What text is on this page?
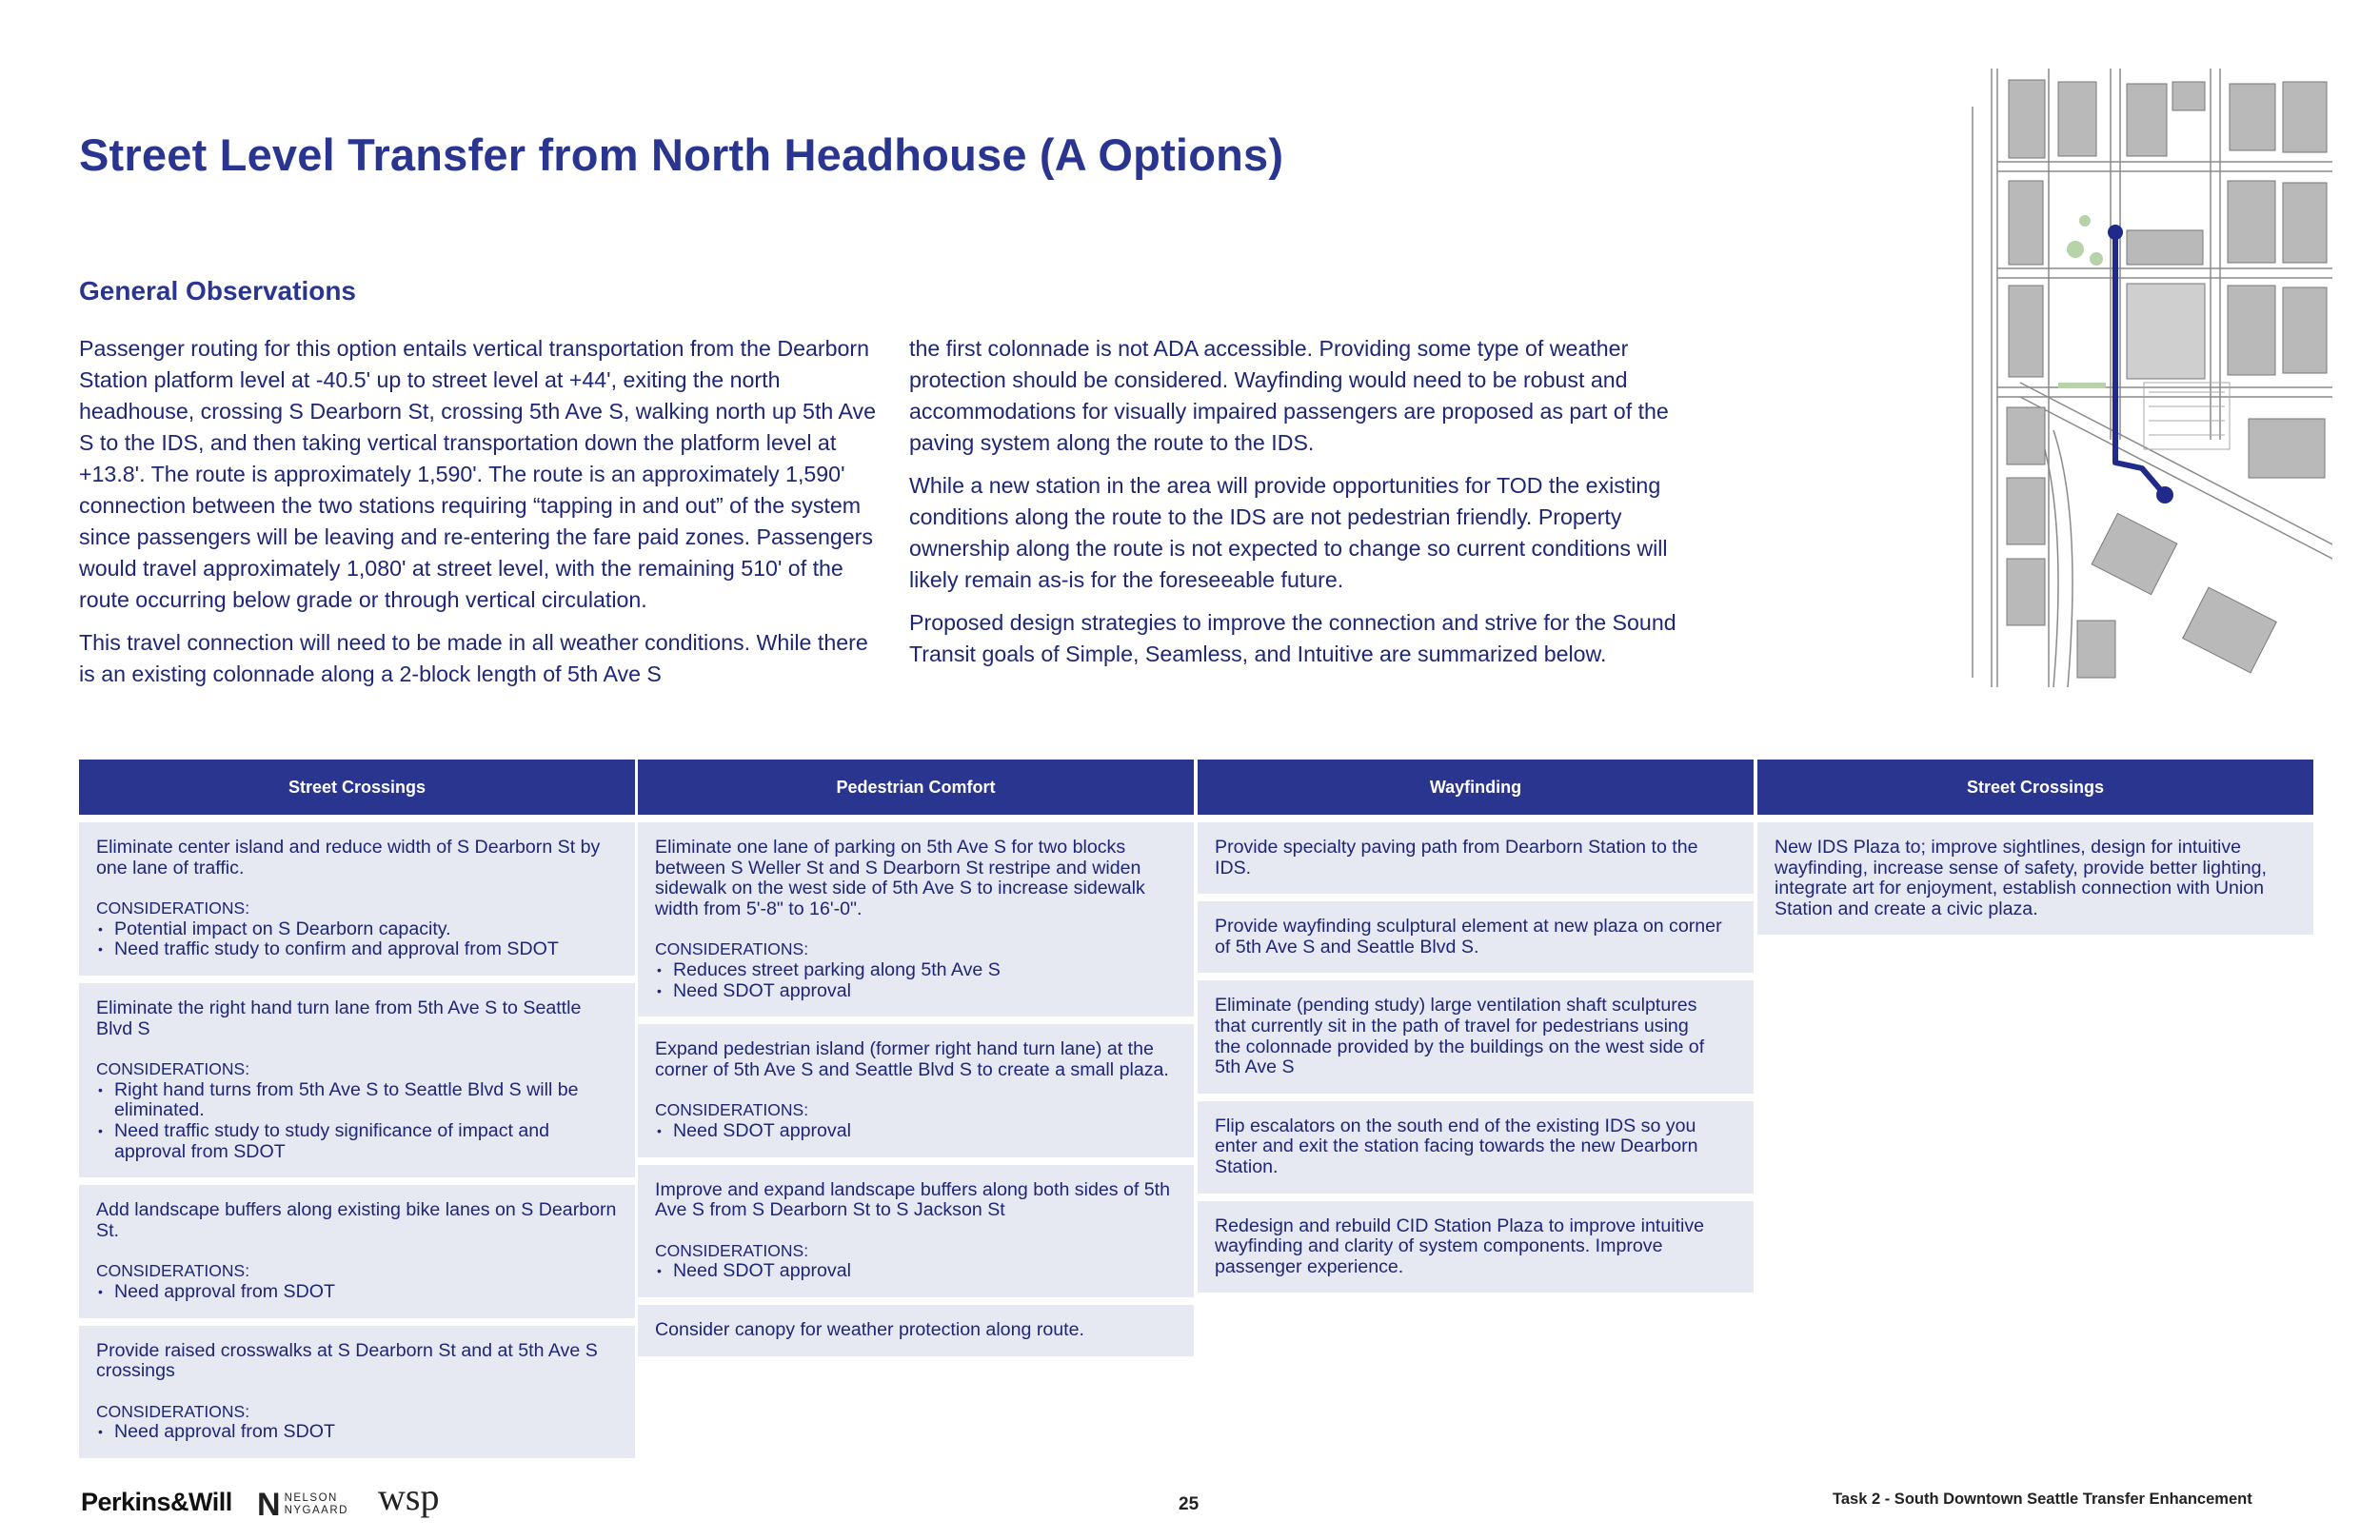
Street Level Transfer from North Headhouse (A Options)
General Observations

Passenger routing for this option entails vertical transportation from the Dearborn Station platform level at -40.5' up to street level at +44', exiting the north headhouse, crossing S Dearborn St, crossing 5th Ave S, walking north up 5th Ave S to the IDS, and then taking vertical transportation down the platform level at +13.8'. The route is approximately 1,590'. The route is an approximately 1,590' connection between the two stations requiring “tapping in and out” of the system since passengers will be leaving and re-entering the fare paid zones. Passengers would travel approximately 1,080' at street level, with the remaining 510' of the route occurring below grade or through vertical circulation.

This travel connection will need to be made in all weather conditions. While there is an existing colonnade along a 2-block length of 5th Ave S

the first colonnade is not ADA accessible. Providing some type of weather protection should be considered. Wayfinding would need to be robust and accommodations for visually impaired passengers are proposed as part of the paving system along the route to the IDS.

While a new station in the area will provide opportunities for TOD the existing conditions along the route to the IDS are not pedestrian friendly. Property ownership along the route is not expected to change so current conditions will likely remain as-is for the foreseeable future.

Proposed design strategies to improve the connection and strive for the Sound Transit goals of Simple, Seamless, and Intuitive are summarized below.

Street Crossings
Eliminate center island and reduce width of S Dearborn St by one lane of traffic.
CONSIDERATIONS:
• Potential impact on S Dearborn capacity.
• Need traffic study to confirm and approval from SDOT
Eliminate the right hand turn lane from 5th Ave S to Seattle Blvd S
CONSIDERATIONS:
• Right hand turns from 5th Ave S to Seattle Blvd S will be eliminated.
• Need traffic study to study significance of impact and approval from SDOT
Add landscape buffers along existing bike lanes on S Dearborn St.
CONSIDERATIONS:
• Need approval from SDOT
Provide raised crosswalks at S Dearborn St and at 5th Ave S crossings
CONSIDERATIONS:
• Need approval from SDOT
Pedestrian Comfort
Eliminate one lane of parking on 5th Ave S for two blocks between S Weller St and S Dearborn St restripe and widen sidewalk on the west side of 5th Ave S to increase sidewalk width from 5'-8" to 16'-0".
CONSIDERATIONS:
• Reduces street parking along 5th Ave S
• Need SDOT approval
Expand pedestrian island (former right hand turn lane) at the corner of 5th Ave S and Seattle Blvd S to create a small plaza.
CONSIDERATIONS:
• Need SDOT approval
Improve and expand landscape buffers along both sides of 5th Ave S from S Dearborn St to S Jackson St
CONSIDERATIONS:
• Need SDOT approval
Consider canopy for weather protection along route.
Wayfinding
Provide specialty paving path from Dearborn Station to the IDS.
Provide wayfinding sculptural element at new plaza on corner of 5th Ave S and Seattle Blvd S.
Eliminate (pending study) large ventilation shaft sculptures
that currently sit in the path of travel for pedestrians using
the colonnade provided by the buildings on the west side of
5th Ave S
Flip escalators on the south end of the existing IDS so you enter and exit the station facing towards the new Dearborn Station.
Redesign and rebuild CID Station Plaza to improve intuitive wayfinding and clarity of system components. Improve passenger experience.
Street Crossings
New IDS Plaza to; improve sightlines, design for intuitive wayfinding, increase sense of safety, provide better lighting, integrate art for enjoyment, establish connection with Union Station and create a civic plaza.
Perkins&Will N NELSON
NYGAARD wsp	25	Task 2 - South Downtown Seattle Transfer Enhancement
